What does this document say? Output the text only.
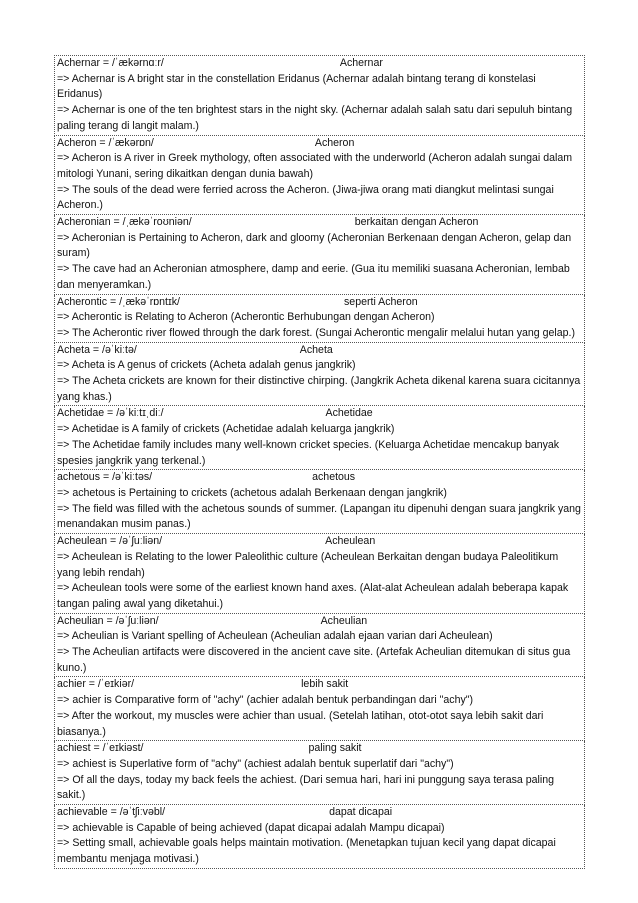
Achernar = /ˈækərnɑːr/	Achernar
=> Achernar is A bright star in the constellation Eridanus (Achernar adalah bintang terang di konstelasi Eridanus)
=> Achernar is one of the ten brightest stars in the night sky. (Achernar adalah salah satu dari sepuluh bintang paling terang di langit malam.)
Acheron = /ˈækərɒn/	Acheron
=> Acheron is A river in Greek mythology, often associated with the underworld (Acheron adalah sungai dalam mitologi Yunani, sering dikaitkan dengan dunia bawah)
=> The souls of the dead were ferried across the Acheron. (Jiwa-jiwa orang mati diangkut melintasi sungai Acheron.)
Acheronian = /ˌækəˈroʊniən/	berkaitan dengan Acheron
=> Acheronian is Pertaining to Acheron, dark and gloomy (Acheronian Berkenaan dengan Acheron, gelap dan suram)
=> The cave had an Acheronian atmosphere, damp and eerie. (Gua itu memiliki suasana Acheronian, lembab dan menyeramkan.)
Acherontic = /ˌækəˈrɒntɪk/	seperti Acheron
=> Acherontic is Relating to Acheron (Acherontic Berhubungan dengan Acheron)
=> The Acherontic river flowed through the dark forest. (Sungai Acherontic mengalir melalui hutan yang gelap.)
Acheta = /əˈkiːtə/	Acheta
=> Acheta is A genus of crickets (Acheta adalah genus jangkrik)
=> The Acheta crickets are known for their distinctive chirping. (Jangkrik Acheta dikenal karena suara cicitannya yang khas.)
Achetidae = /əˈkiːtɪˌdiː/	Achetidae
=> Achetidae is A family of crickets (Achetidae adalah keluarga jangkrik)
=> The Achetidae family includes many well-known cricket species. (Keluarga Achetidae mencakup banyak spesies jangkrik yang terkenal.)
achetous = /əˈkiːtəs/	achetous
=> achetous is Pertaining to crickets (achetous adalah Berkenaan dengan jangkrik)
=> The field was filled with the achetous sounds of summer. (Lapangan itu dipenuhi dengan suara jangkrik yang menandakan musim panas.)
Acheulean = /əˈʃuːliən/	Acheulean
=> Acheulean is Relating to the lower Paleolithic culture (Acheulean Berkaitan dengan budaya Paleolitikum yang lebih rendah)
=> Acheulean tools were some of the earliest known hand axes. (Alat-alat Acheulean adalah beberapa kapak tangan paling awal yang diketahui.)
Acheulian = /əˈʃuːliən/	Acheulian
=> Acheulian is Variant spelling of Acheulean (Acheulian adalah ejaan varian dari Acheulean)
=> The Acheulian artifacts were discovered in the ancient cave site. (Artefak Acheulian ditemukan di situs gua kuno.)
achier = /ˈeɪkiər/	lebih sakit
=> achier is Comparative form of "achy" (achier adalah bentuk perbandingan dari "achy")
=> After the workout, my muscles were achier than usual. (Setelah latihan, otot-otot saya lebih sakit dari biasanya.)
achiest = /ˈeɪkiəst/	paling sakit
=> achiest is Superlative form of "achy" (achiest adalah bentuk superlatif dari "achy")
=> Of all the days, today my back feels the achiest. (Dari semua hari, hari ini punggung saya terasa paling sakit.)
achievable = /əˈtʃiːvəbl/	dapat dicapai
=> achievable is Capable of being achieved (dapat dicapai adalah Mampu dicapai)
=> Setting small, achievable goals helps maintain motivation. (Menetapkan tujuan kecil yang dapat dicapai membantu menjaga motivasi.)
